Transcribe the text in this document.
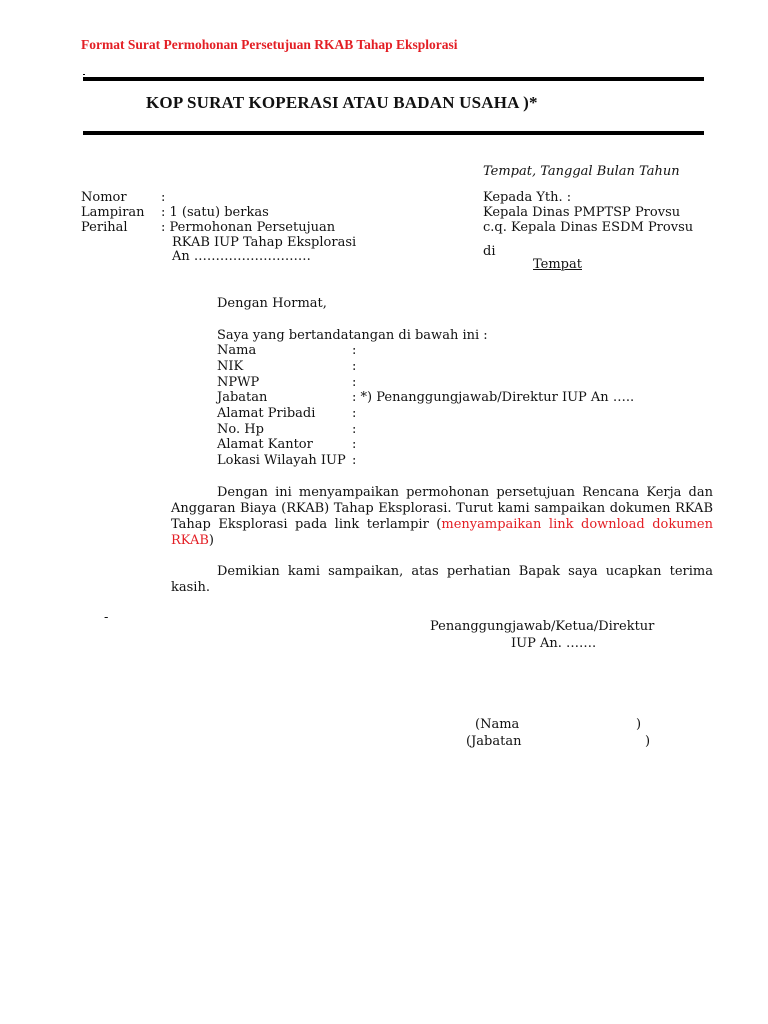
Format Surat Permohonan Persetujuan RKAB Tahap Eksplorasi
KOP SURAT KOPERASI ATAU BADAN USAHA )*
Tempat, Tanggal Bulan Tahun
Nomor	:
Lampiran : 1 (satu) berkas
Perihal	: Permohonan Persetujuan
RKAB IUP Tahap Eksplorasi
An ………………………
Kepada Yth. :
Kepala Dinas PMPTSP Provsu
c.q. Kepala Dinas ESDM Provsu
di
Tempat
Dengan Hormat,
Saya yang bertandatangan di bawah ini :
Nama	:
NIK	:
NPWP	:
Jabatan	: *) Penanggungjawab/Direktur IUP An …..
Alamat Pribadi	:
No. Hp	:
Alamat Kantor	:
Lokasi Wilayah IUP :
Dengan ini menyampaikan permohonan persetujuan Rencana Kerja dan Anggaran Biaya (RKAB) Tahap Eksplorasi. Turut kami sampaikan dokumen RKAB Tahap Eksplorasi pada link terlampir (menyampaikan link download dokumen RKAB)
Demikian kami sampaikan, atas perhatian Bapak saya ucapkan terima kasih.
-
Penanggungjawab/Ketua/Direktur
IUP An. …….
(Nama	)
(Jabatan	)
